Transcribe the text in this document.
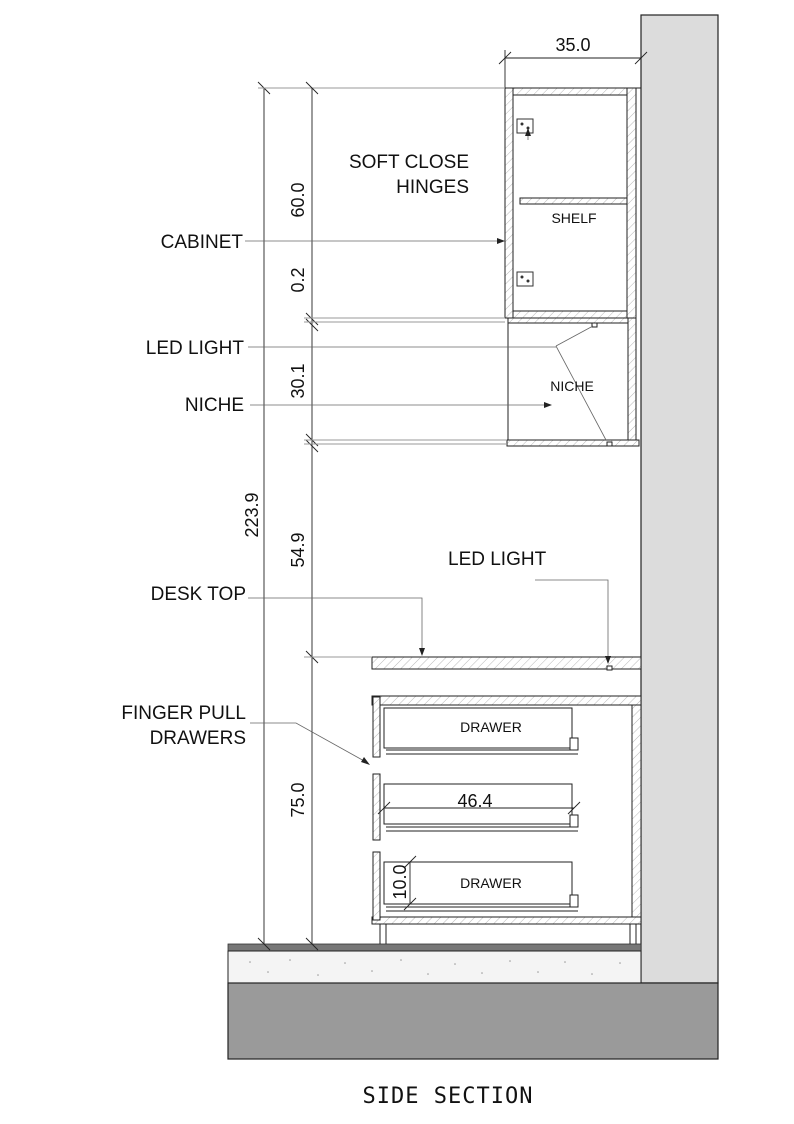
SOFT CLOSE
HINGES
CABINET
LED LIGHT
NICHE
LED LIGHT
DESK TOP
FINGER PULL
DRAWERS
SHELF
NICHE
DRAWER
DRAWER
35.0
223.9
60.0
0.2
30.1
54.9
75.0	46.4
10.0
SIDE SECTION
